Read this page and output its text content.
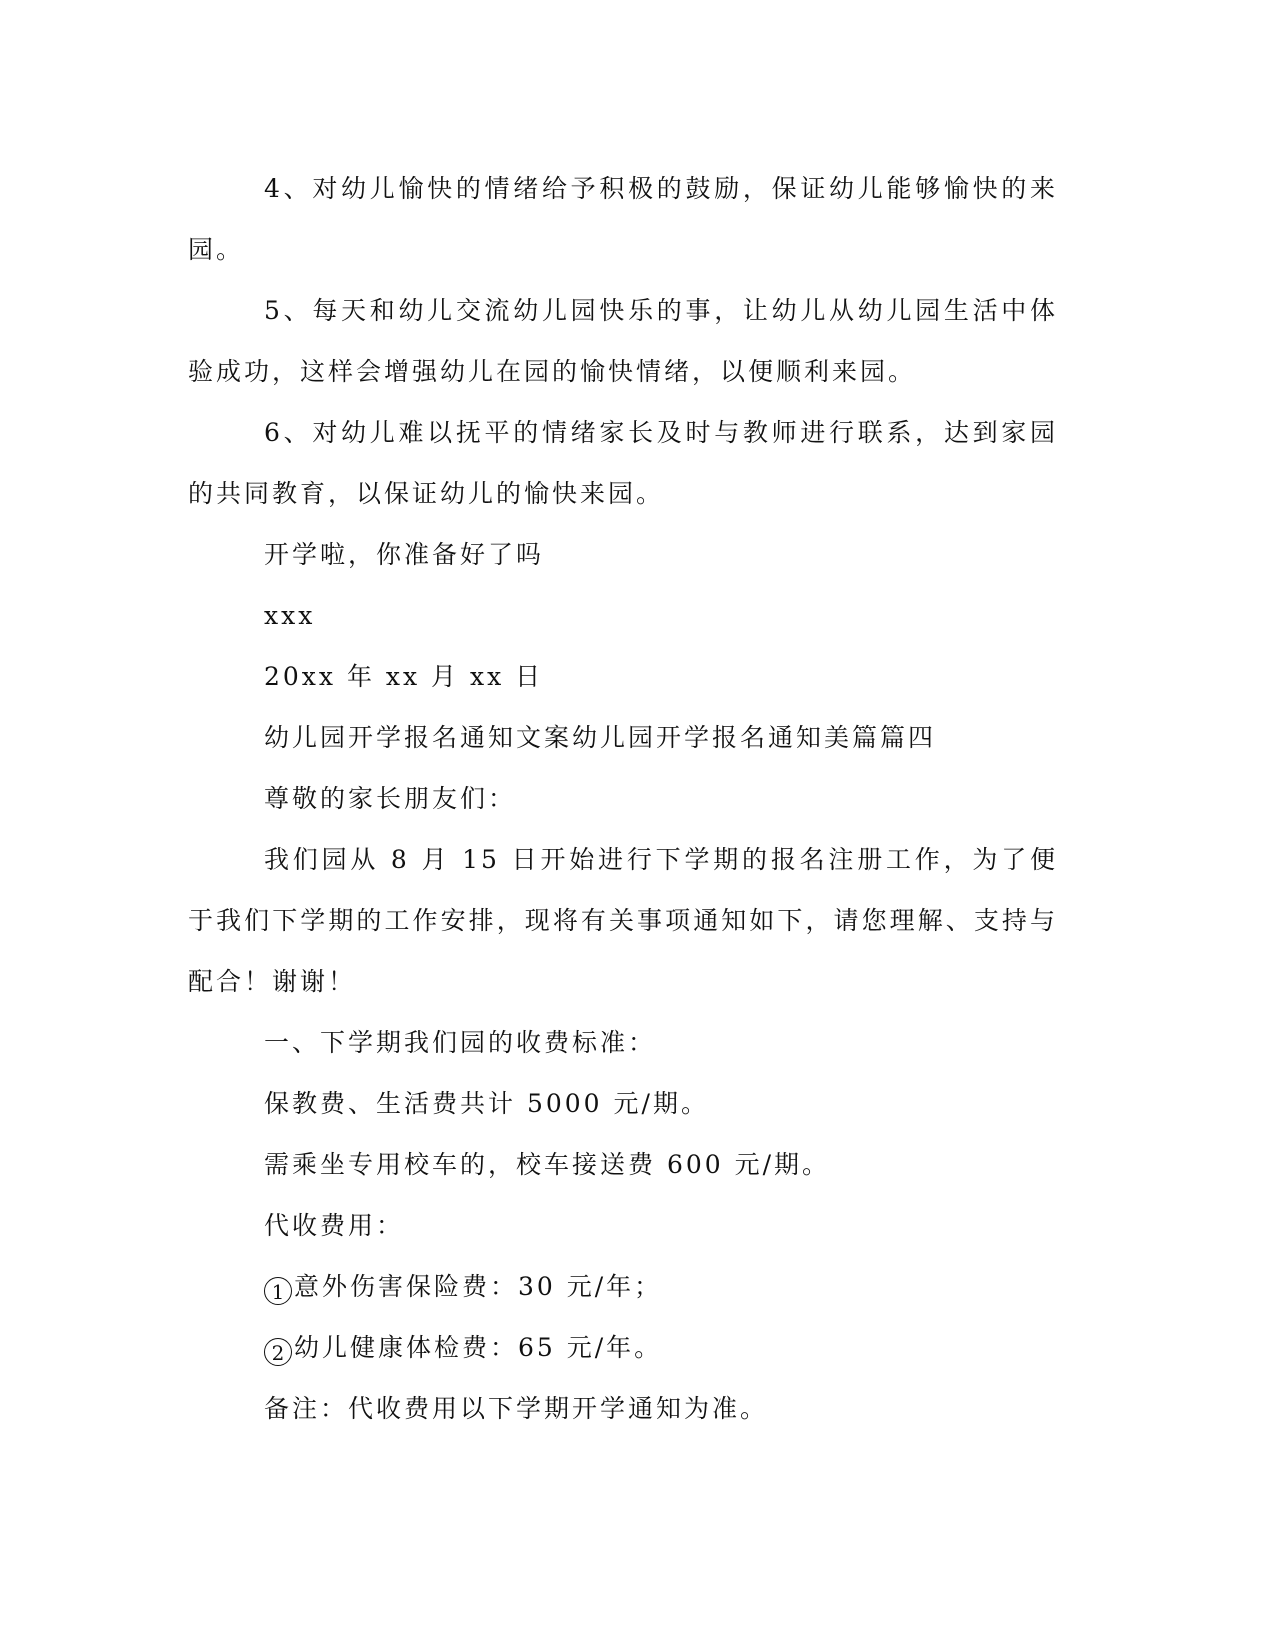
4、对幼儿愉快的情绪给予积极的鼓励，保证幼儿能够愉快的来园。

5、每天和幼儿交流幼儿园快乐的事，让幼儿从幼儿园生活中体验成功，这样会增强幼儿在园的愉快情绪，以便顺利来园。

6、对幼儿难以抚平的情绪家长及时与教师进行联系，达到家园的共同教育，以保证幼儿的愉快来园。

开学啦，你准备好了吗

xxx

20xx 年 xx 月 xx 日

幼儿园开学报名通知文案幼儿园开学报名通知美篇篇四

尊敬的家长朋友们：

我们园从 8 月 15 日开始进行下学期的报名注册工作，为了便于我们下学期的工作安排，现将有关事项通知如下，请您理解、支持与配合！谢谢！

一、下学期我们园的收费标准：

保教费、生活费共计 5000 元/期。

需乘坐专用校车的，校车接送费 600 元/期。

代收费用：

1 意外伤害保险费：30 元/年；

2 幼儿健康体检费：65 元/年。

备注：代收费用以下学期开学通知为准。
